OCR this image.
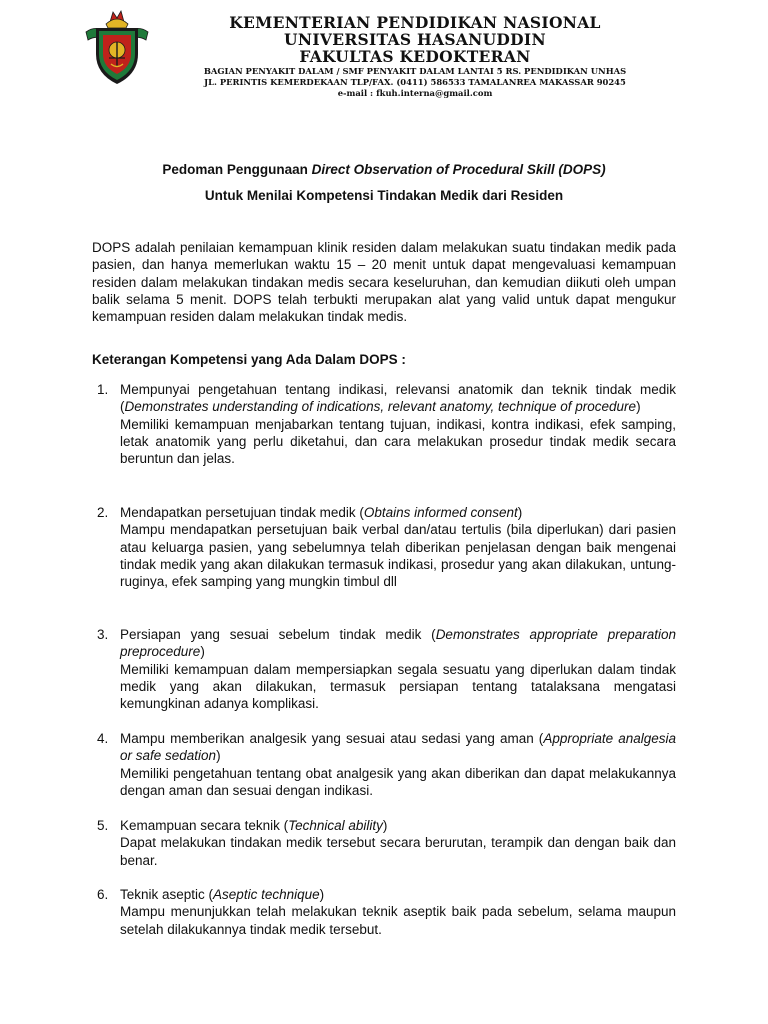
KEMENTERIAN PENDIDIKAN NASIONAL
UNIVERSITAS HASANUDDIN
FAKULTAS KEDOKTERAN
BAGIAN PENYAKIT DALAM / SMF PENYAKIT DALAM LANTAI 5 RS. PENDIDIKAN UNHAS
JL. PERINTIS KEMERDEKAAN TLP/FAX. (0411) 586533 TAMALANREA MAKASSAR 90245
e-mail : fkuh.interna@gmail.com
Pedoman Penggunaan Direct Observation of Procedural Skill (DOPS)
Untuk Menilai Kompetensi Tindakan Medik dari Residen

DOPS adalah penilaian kemampuan klinik residen dalam melakukan suatu tindakan medik pada pasien, dan hanya memerlukan waktu 15 – 20 menit untuk dapat mengevaluasi kemampuan residen dalam melakukan tindakan medis secara keseluruhan, dan kemudian diikuti oleh umpan balik selama 5 menit. DOPS telah terbukti merupakan alat yang valid untuk dapat mengukur kemampuan residen dalam melakukan tindak medis.

Keterangan Kompetensi yang Ada Dalam DOPS :
1. Mempunyai pengetahuan tentang indikasi, relevansi anatomik dan teknik tindak medik (Demonstrates understanding of indications, relevant anatomy, technique of procedure)

Memiliki kemampuan menjabarkan tentang tujuan, indikasi, kontra indikasi, efek samping, letak anatomik yang perlu diketahui, dan cara melakukan prosedur tindak medik secara beruntun dan jelas.

2. Mendapatkan persetujuan tindak medik (Obtains informed consent)

Mampu mendapatkan persetujuan baik verbal dan/atau tertulis (bila diperlukan) dari pasien atau keluarga pasien, yang sebelumnya telah diberikan penjelasan dengan baik mengenai tindak medik yang akan dilakukan termasuk indikasi, prosedur yang akan dilakukan, untung-ruginya, efek samping yang mungkin timbul dll

3. Persiapan yang sesuai sebelum tindak medik (Demonstrates appropriate preparation preprocedure)

Memiliki kemampuan dalam mempersiapkan segala sesuatu yang diperlukan dalam tindak medik yang akan dilakukan, termasuk persiapan tentang tatalaksana mengatasi kemungkinan adanya komplikasi.

4. Mampu memberikan analgesik yang sesuai atau sedasi yang aman (Appropriate analgesia or safe sedation)

Memiliki pengetahuan tentang obat analgesik yang akan diberikan dan dapat melakukannya dengan aman dan sesuai dengan indikasi.

5. Kemampuan secara teknik (Technical ability)

Dapat melakukan tindakan medik tersebut secara berurutan, terampik dan dengan baik dan benar.

6. Teknik aseptic (Aseptic technique)

Mampu menunjukkan telah melakukan teknik aseptik baik pada sebelum, selama maupun setelah dilakukannya tindak medik tersebut.
